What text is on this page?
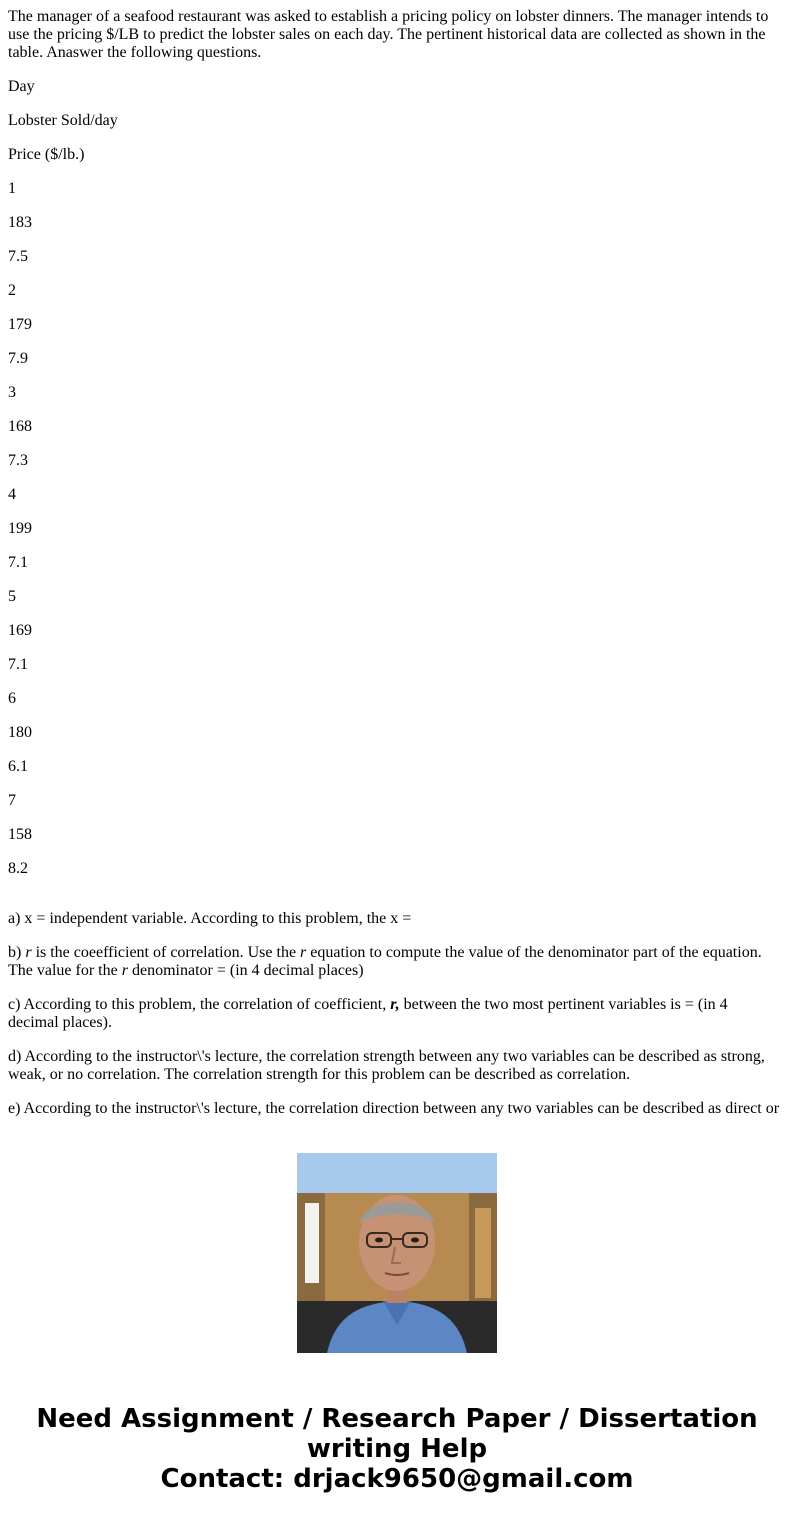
The manager of a seafood restaurant was asked to establish a pricing policy on lobster dinners. The manager intends to use the pricing $/LB to predict the lobster sales on each day. The pertinent historical data are collected as shown in the table. Anaswer the following questions.

Day

Lobster Sold/day

Price ($/lb.)

1

183

7.5

2

179

7.9

3

168

7.3

4

199

7.1

5

169

7.1

6

180

6.1

7

158

8.2

a) x = independent variable. According to this problem, the x =

b) r is the coeefficient of correlation. Use the r equation to compute the value of the denominator part of the equation. The value for the r denominator = (in 4 decimal places)

c) According to this problem, the correlation of coefficient, r, between the two most pertinent variables is = (in 4 decimal places).

d) According to the instructor\'s lecture, the correlation strength between any two variables can be described as strong, weak, or no correlation. The correlation strength for this problem can be described as correlation.

e) According to the instructor\'s lecture, the correlation direction between any two variables can be described as direct or

Need Assignment / Research Paper / Dissertation
writing Help
Contact: drjack9650@gmail.com
